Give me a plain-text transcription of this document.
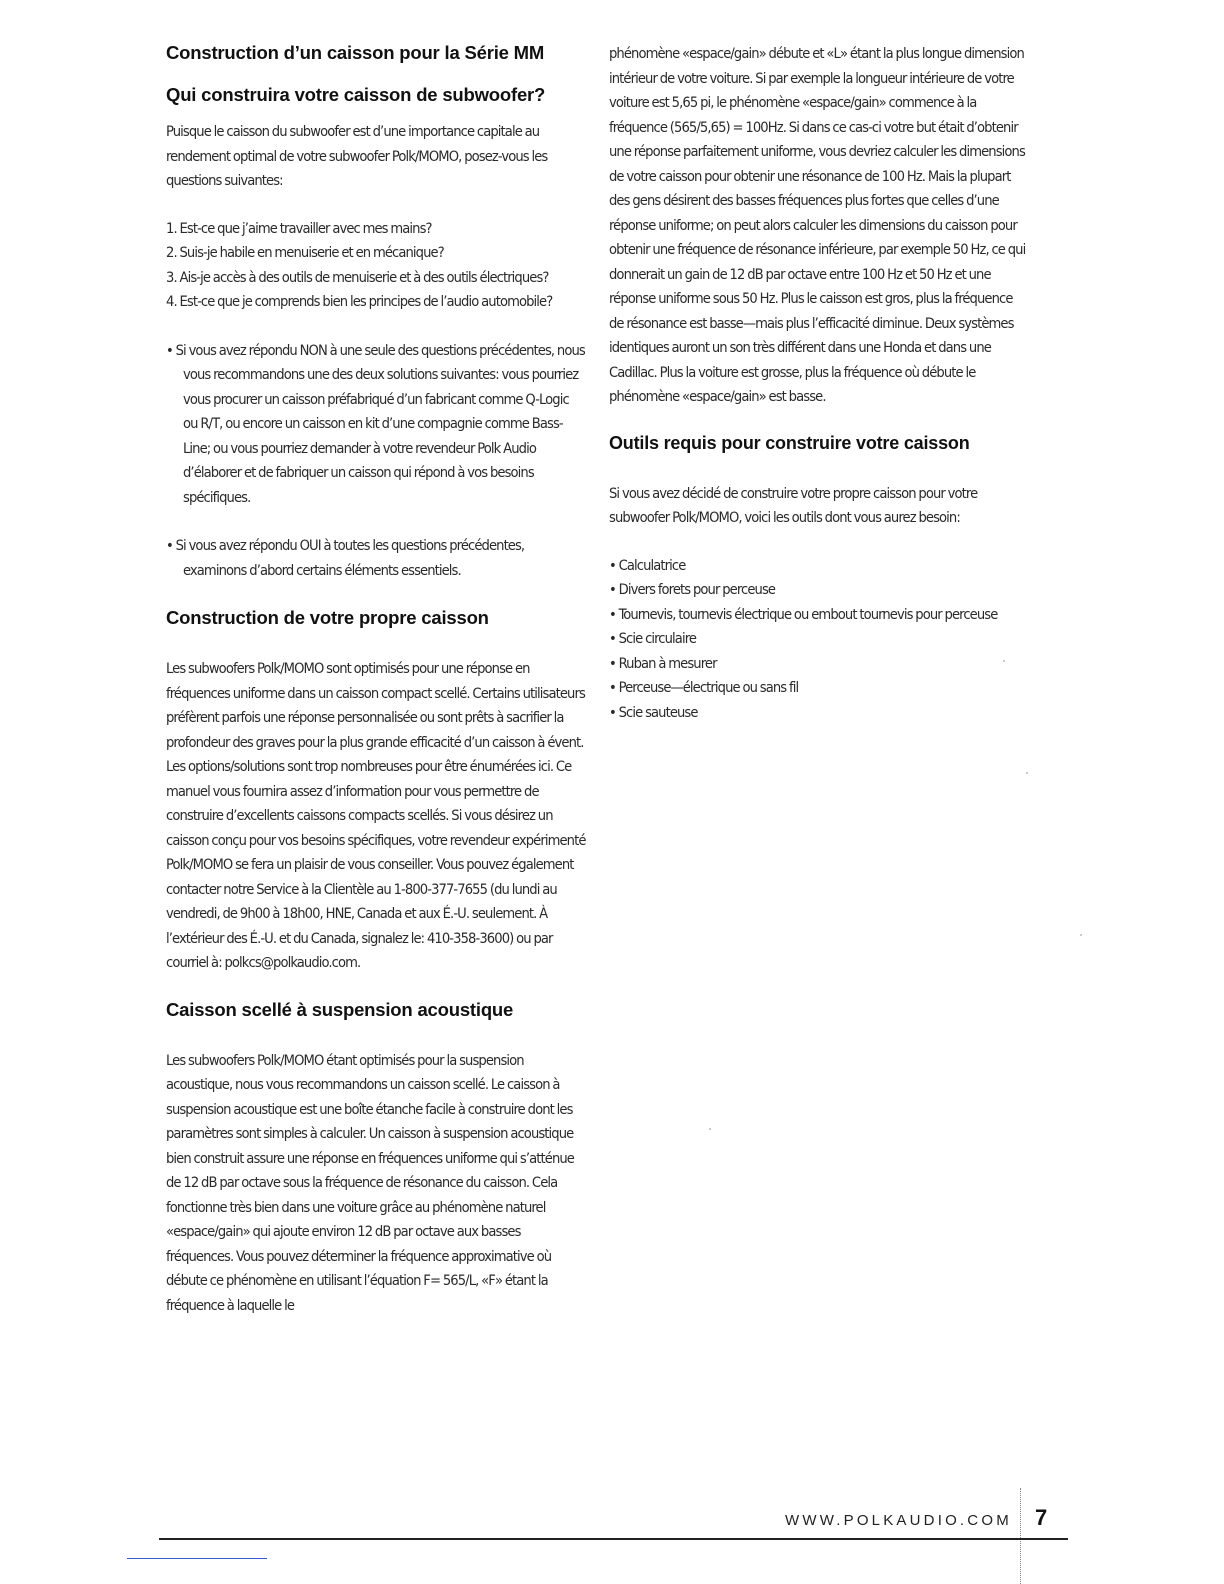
Construction d’un caisson pour la Série MM
Qui construira votre caisson de subwoofer?

Puisque le caisson du subwoofer est d’une importance capitale au rendement optimal de votre subwoofer Polk/MOMO, posez-vous les questions suivantes:

1. Est-ce que j’aime travailler avec mes mains?
2. Suis-je habile en menuiserie et en mécanique?
3. Ais-je accès à des outils de menuiserie et à des outils électriques?
4. Est-ce que je comprends bien les principes de l’audio automobile?
• Si vous avez répondu NON à une seule des questions précédentes, nous vous recommandons une des deux solutions suivantes: vous pourriez vous procurer un caisson préfabriqué d’un fabricant comme Q-Logic ou R/T, ou encore un caisson en kit d’une compagnie comme Bass-Line; ou vous pourriez demander à votre revendeur Polk Audio d’élaborer et de fabriquer un caisson qui répond à vos besoins spécifiques.
• Si vous avez répondu OUI à toutes les questions précédentes, examinons d’abord certains éléments essentiels.
Construction de votre propre caisson

Les subwoofers Polk/MOMO sont optimisés pour une réponse en fréquences uniforme dans un caisson compact scellé. Certains utilisateurs préfèrent parfois une réponse personnalisée ou sont prêts à sacrifier la profondeur des graves pour la plus grande efficacité d’un caisson à évent. Les options/solutions sont trop nombreuses pour être énumérées ici. Ce manuel vous fournira assez d’information pour vous permettre de construire d’excellents caissons compacts scellés. Si vous désirez un caisson conçu pour vos besoins spécifiques, votre revendeur expérimenté Polk/MOMO se fera un plaisir de vous conseiller. Vous pouvez également contacter notre Service à la Clientèle au 1-800-377-7655 (du lundi au vendredi, de 9h00 à 18h00, HNE, Canada et aux É.-U. seulement. À l’extérieur des É.-U. et du Canada, signalez le: 410-358-3600) ou par courriel à: polkcs@polkaudio.com.

Caisson scellé à suspension acoustique

Les subwoofers Polk/MOMO étant optimisés pour la suspension acoustique, nous vous recommandons un caisson scellé. Le caisson à suspension acoustique est une boîte étanche facile à construire dont les paramètres sont simples à calculer. Un caisson à suspension acoustique bien construit assure une réponse en fréquences uniforme qui s’atténue de 12 dB par octave sous la fréquence de résonance du caisson. Cela fonctionne très bien dans une voiture grâce au phénomène naturel «espace/gain» qui ajoute environ 12 dB par octave aux basses fréquences. Vous pouvez déterminer la fréquence approximative où débute ce phénomène en utilisant l’équation F= 565/L, «F» étant la fréquence à laquelle le

phénomène «espace/gain» débute et «L» étant la plus longue dimension intérieur de votre voiture. Si par exemple la longueur intérieure de votre voiture est 5,65 pi, le phénomène «espace/gain» commence à la fréquence (565/5,65) = 100Hz. Si dans ce cas-ci votre but était d’obtenir une réponse parfaitement uniforme, vous devriez calculer les dimensions de votre caisson pour obtenir une résonance de 100 Hz. Mais la plupart des gens désirent des basses fréquences plus fortes que celles d’une réponse uniforme; on peut alors calculer les dimensions du caisson pour obtenir une fréquence de résonance inférieure, par exemple 50 Hz, ce qui donnerait un gain de 12 dB par octave entre 100 Hz et 50 Hz et une réponse uniforme sous 50 Hz. Plus le caisson est gros, plus la fréquence de résonance est basse—mais plus l’efficacité diminue. Deux systèmes identiques auront un son très différent dans une Honda et dans une Cadillac. Plus la voiture est grosse, plus la fréquence où débute le phénomène «espace/gain» est basse.

Outils requis pour construire votre caisson

Si vous avez décidé de construire votre propre caisson pour votre subwoofer Polk/MOMO, voici les outils dont vous aurez besoin:

• Calculatrice
• Divers forets pour perceuse
• Tournevis, tournevis électrique ou embout tournevis pour perceuse
• Scie circulaire
• Ruban à mesurer
• Perceuse—électrique ou sans fil
• Scie sauteuse
WWW.POLKAUDIO.COM 7
